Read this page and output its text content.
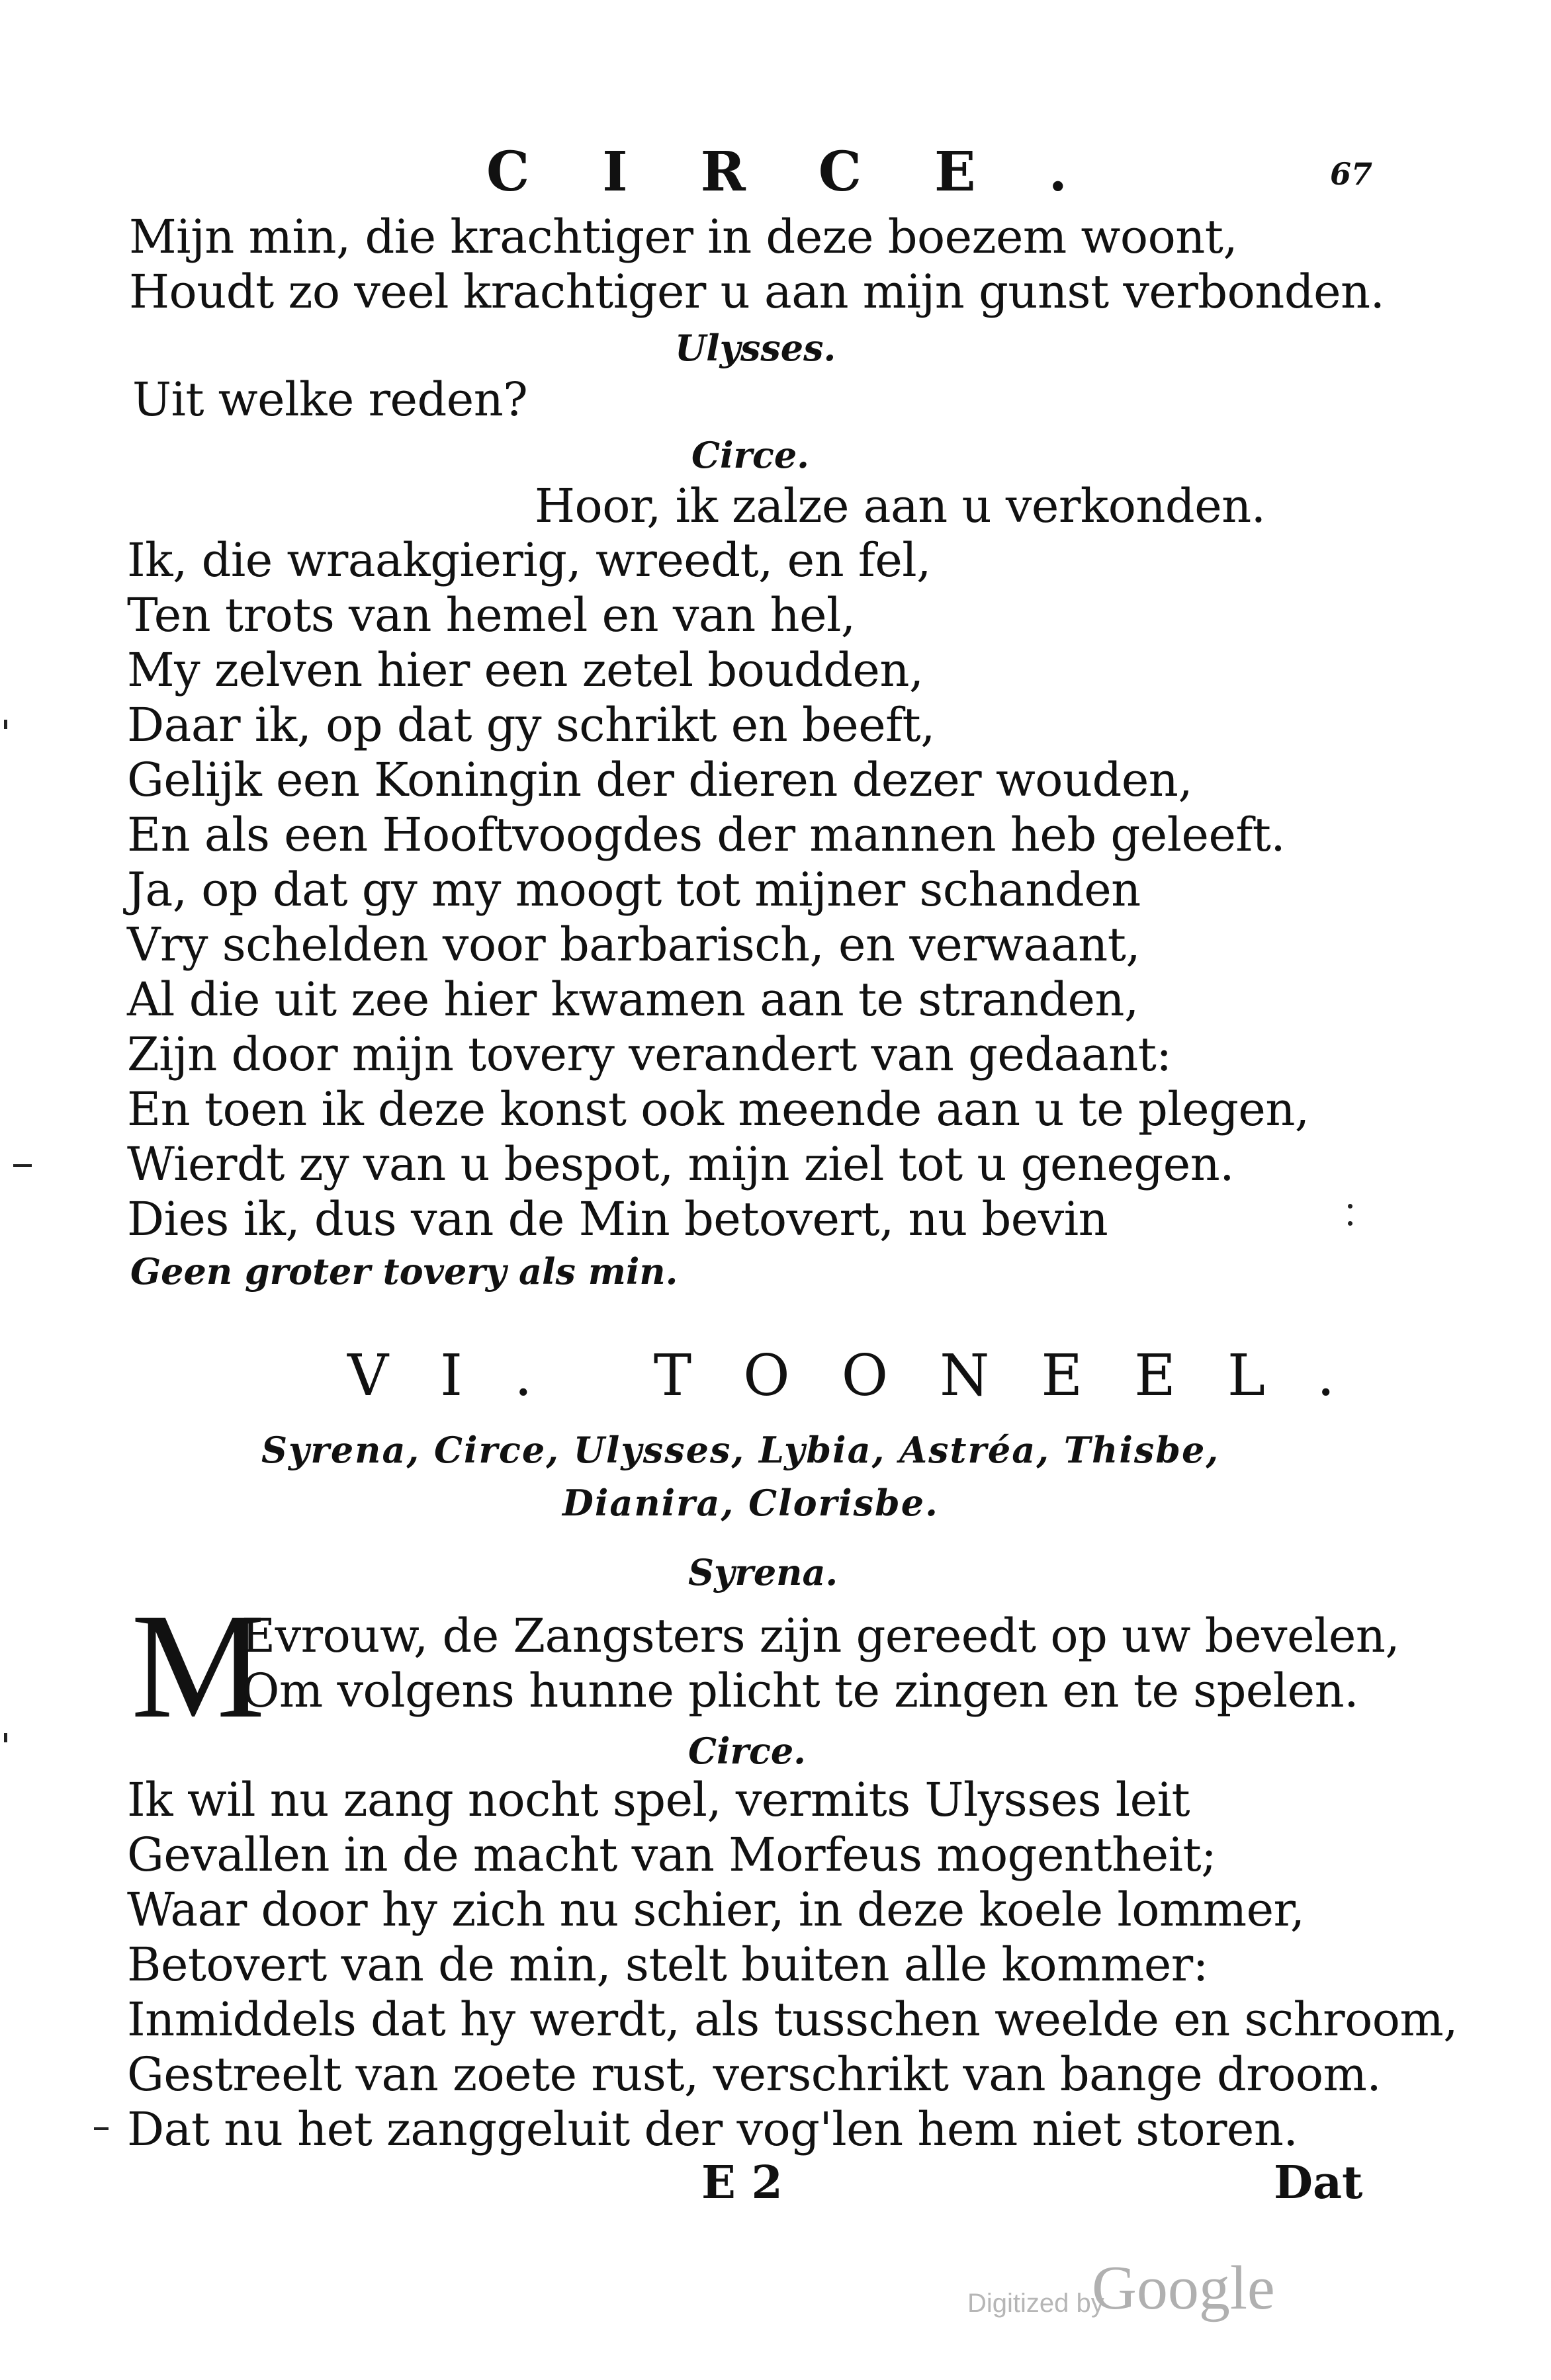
CIRCE.	67
Mijn min, die krachtiger in deze boezem woont,
Houdt zo veel krachtiger u aan mijn gunst verbonden.
Ulysses.
Uit welke reden?
Circe.
Hoor, ik zalze aan u verkonden.
Ik, die wraakgierig, wreedt, en fel,
Ten trots van hemel en van hel,
My zelven hier een zetel boudden,
Daar ik, op dat gy schrikt en beeft,
Gelijk een Koningin der dieren dezer wouden,
En als een Hooftvoogdes der mannen heb geleeft.
Ja, op dat gy my moogt tot mijner schanden
Vry schelden voor barbarisch, en verwaant,
Al die uit zee hier kwamen aan te stranden,
Zijn door mijn tovery verandert van gedaant:
En toen ik deze konst ook meende aan u te plegen,
Wierdt zy van u bespot, mijn ziel tot u genegen.
Dies ik, dus van de Min betovert, nu bevin
Geen groter tovery als min.
VI. TOONEEL.
Syrena, Circe, Ulysses, Lybia, Astréa, Thisbe,
Dianira, Clorisbe.
Syrena.
M
Evrouw, de Zangsters zijn gereedt op uw bevelen,
Om volgens hunne plicht te zingen en te spelen.
Circe.
Ik wil nu zang nocht spel, vermits Ulysses leit
Gevallen in de macht van Morfeus mogentheit;
Waar door hy zich nu schier, in deze koele lommer,
Betovert van de min, stelt buiten alle kommer:
Inmiddels dat hy werdt, als tusschen weelde en schroom,
Gestreelt van zoete rust, verschrikt van bange droom.
Dat nu het zanggeluit der vog'len hem niet storen.
E 2	Dat
Digitized by
Google
